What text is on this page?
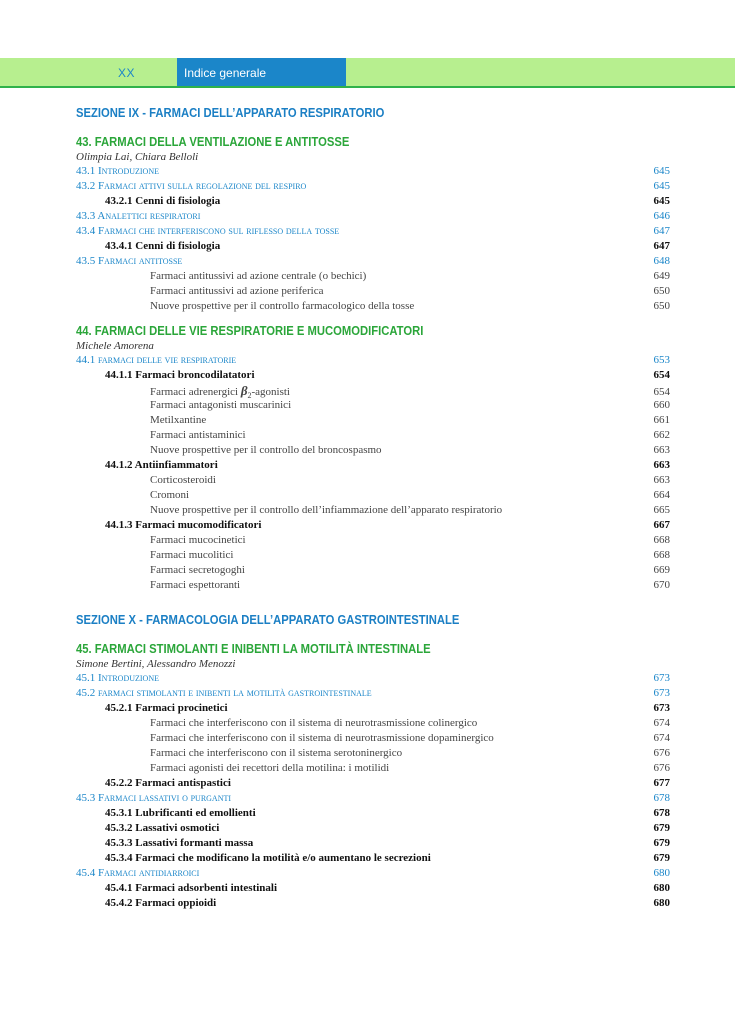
XX	Indice generale
SEZIONE IX - FARMACI DELL’APPARATO RESPIRATORIO
43. FARMACI DELLA VENTILAZIONE E ANTITOSSE
Olimpia Lai, Chiara Belloli
43.1 Introduzione	645
43.2 Farmaci attivi sulla regolazione del respiro	645
43.2.1 Cenni di fisiologia	645
43.3 Analettici respiratori	646
43.4 Farmaci che interferiscono sul riflesso della tosse	647
43.4.1 Cenni di fisiologia	647
43.5 Farmaci antitosse	648
Farmaci antitussivi ad azione centrale (o bechici)	649
Farmaci antitussivi ad azione periferica	650
Nuove prospettive per il controllo farmacologico della tosse	650
44. FARMACI DELLE VIE RESPIRATORIE E MUCOMODIFICATORI
Michele Amorena
44.1 farmaci delle vie respiratorie	653
44.1.1 Farmaci broncodilatatori	654
Farmaci adrenergici $\beta_2$-agonisti	654
Farmaci antagonisti muscarinici	660
Metilxantine	661
Farmaci antistaminici	662
Nuove prospettive per il controllo del broncospasmo	663
44.1.2 Antiinfiammatori	663
Corticosteroidi	663
Cromoni	664
Nuove prospettive per il controllo dell’infiammazione dell’apparato respiratorio	665
44.1.3 Farmaci mucomodificatori	667
Farmaci mucocinetici	668
Farmaci mucolitici	668
Farmaci secretogoghi	669
Farmaci espettoranti	670
SEZIONE X - FARMACOLOGIA DELL’APPARATO GASTROINTESTINALE
45. FARMACI STIMOLANTI E INIBENTI LA MOTILITÀ INTESTINALE
Simone Bertini, Alessandro Menozzi
45.1 Introduzione	673
45.2 farmaci stimolanti e inibenti la motilità gastrointestinale	673
45.2.1 Farmaci procinetici	673
Farmaci che interferiscono con il sistema di neurotrasmissione colinergico	674
Farmaci che interferiscono con il sistema di neurotrasmissione dopaminergico	674
Farmaci che interferiscono con il sistema serotoninergico	676
Farmaci agonisti dei recettori della motilina: i motilidi	676
45.2.2 Farmaci antispastici	677
45.3 Farmaci lassativi o purganti	678
45.3.1 Lubrificanti ed emollienti	678
45.3.2 Lassativi osmotici	679
45.3.3 Lassativi formanti massa	679
45.3.4 Farmaci che modificano la motilità e/o aumentano le secrezioni	679
45.4 Farmaci antidiarroici	680
45.4.1 Farmaci adsorbenti intestinali	680
45.4.2 Farmaci oppioidi	680
